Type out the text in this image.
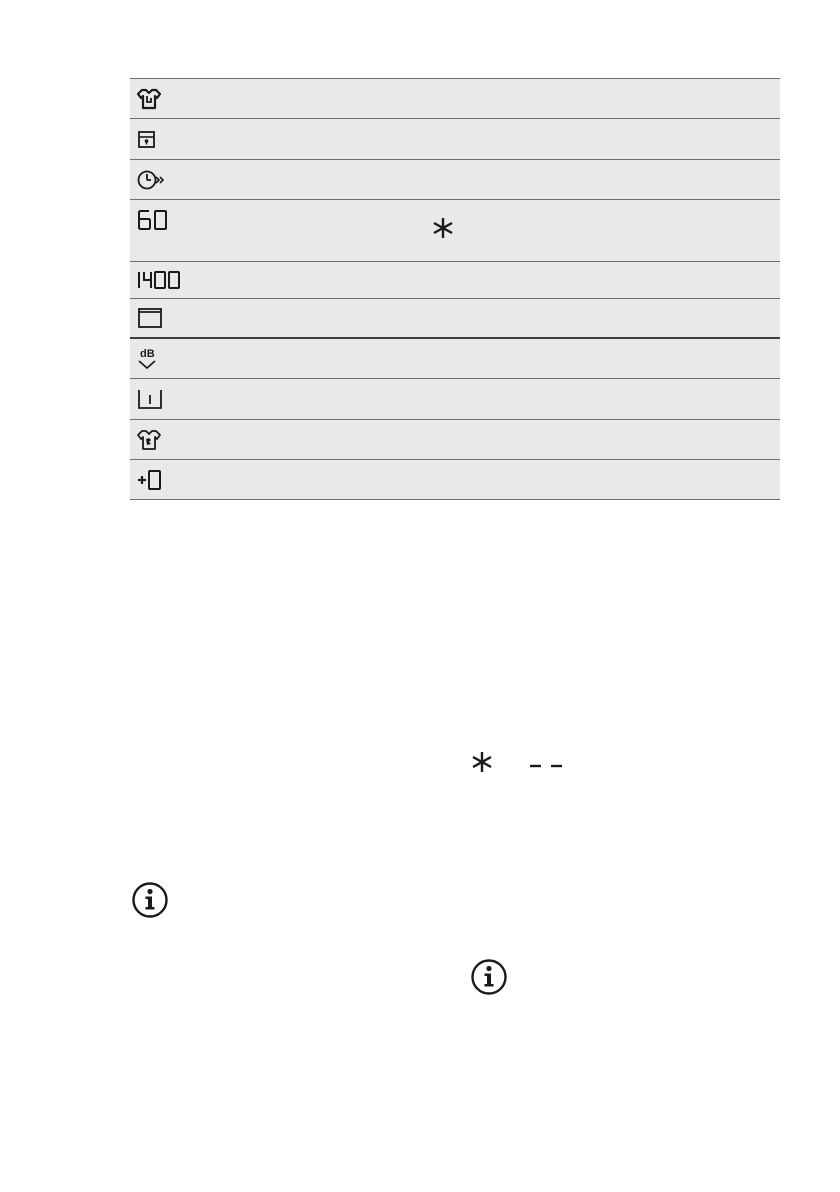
dB
